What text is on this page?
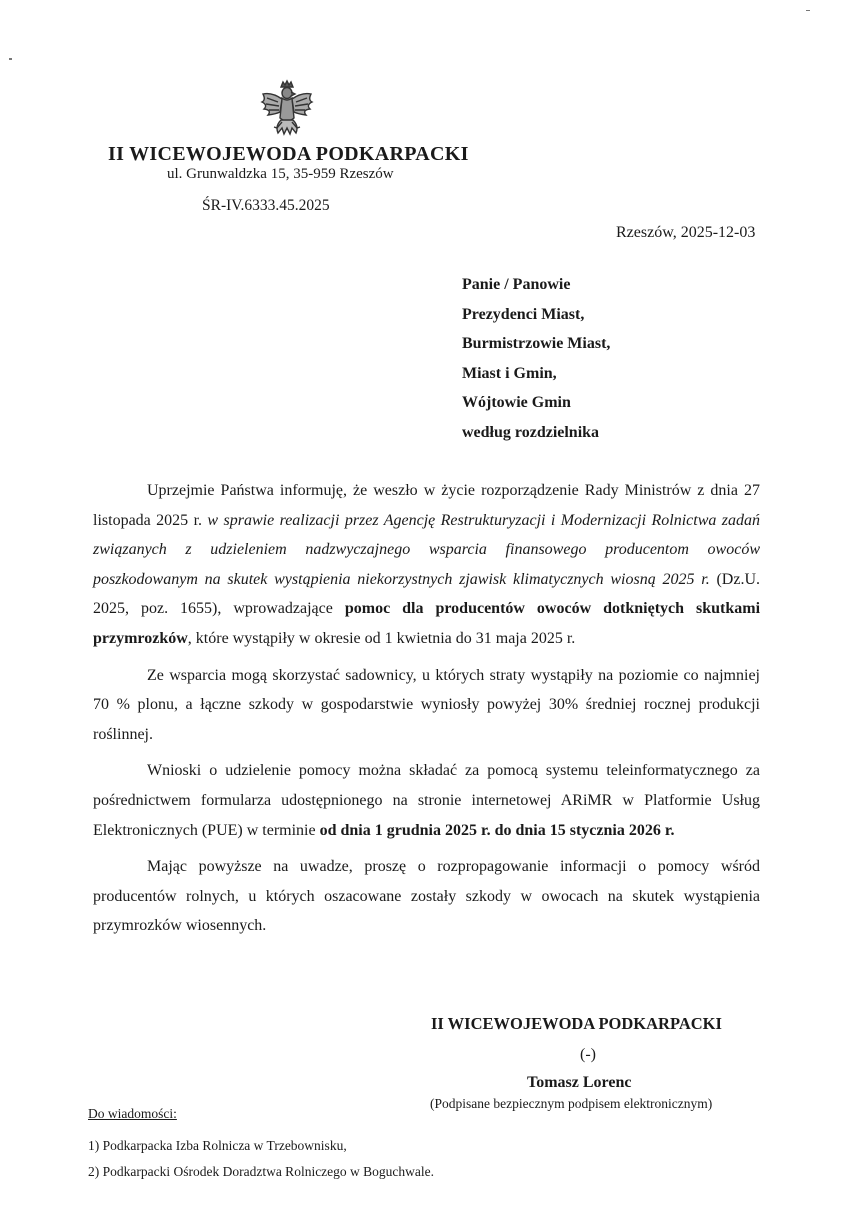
II WICEWOJEWODA PODKARPACKI
ul. Grunwaldzka 15, 35-959 Rzeszów
ŚR-IV.6333.45.2025
Rzeszów, 2025-12-03
Panie / Panowie
Prezydenci Miast,
Burmistrzowie Miast,
Miast i Gmin,
Wójtowie Gmin
według rozdzielnika

Uprzejmie Państwa informuję, że weszło w życie rozporządzenie Rady Ministrów z dnia 27 listopada 2025 r. w sprawie realizacji przez Agencję Restrukturyzacji i Modernizacji Rolnictwa zadań związanych z udzieleniem nadzwyczajnego wsparcia finansowego producentom owoców poszkodowanym na skutek wystąpienia niekorzystnych zjawisk klimatycznych wiosną 2025 r. (Dz.U. 2025, poz. 1655), wprowadzające pomoc dla producentów owoców dotkniętych skutkami przymrozków, które wystąpiły w okresie od 1 kwietnia do 31 maja 2025 r.

Ze wsparcia mogą skorzystać sadownicy, u których straty wystąpiły na poziomie co najmniej 70 % plonu, a łączne szkody w gospodarstwie wyniosły powyżej 30% średniej rocznej produkcji roślinnej.

Wnioski o udzielenie pomocy można składać za pomocą systemu teleinformatycznego za pośrednictwem formularza udostępnionego na stronie internetowej ARiMR w Platformie Usług Elektronicznych (PUE) w terminie od dnia 1 grudnia 2025 r. do dnia 15 stycznia 2026 r.

Mając powyższe na uwadze, proszę o rozpropagowanie informacji o pomocy wśród producentów rolnych, u których oszacowane zostały szkody w owocach na skutek wystąpienia przymrozków wiosennych.

II WICEWOJEWODA PODKARPACKI
(-)
Tomasz Lorenc
(Podpisane bezpiecznym podpisem elektronicznym)
Do wiadomości:
1) Podkarpacka Izba Rolnicza w Trzebownisku,
2) Podkarpacki Ośrodek Doradztwa Rolniczego w Boguchwale.
